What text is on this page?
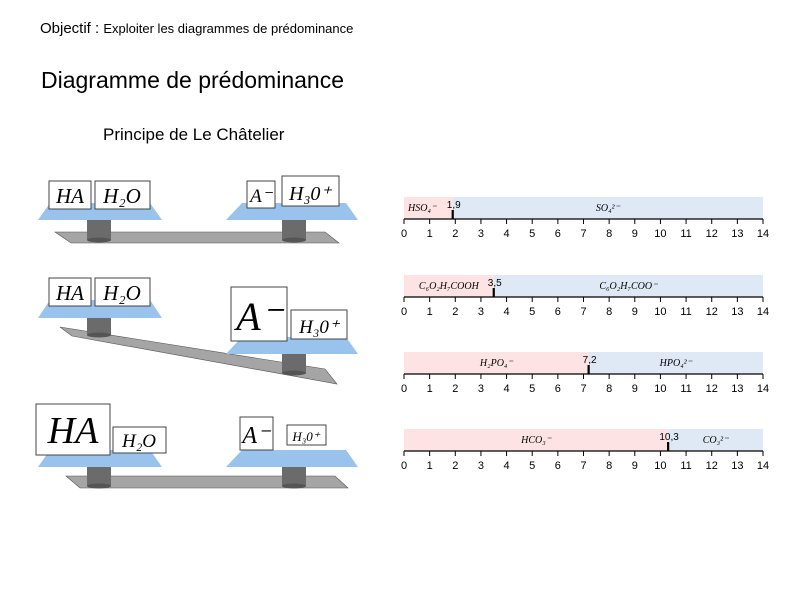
Objectif : Exploiter les diagrammes de prédominance
Diagramme de prédominance
Principe de Le Châtelier
HA H₂O	A⁻ H₃0⁺
HA H₂O
A⁻ H₃0⁺
HA H₂O	A⁻ H₃0⁺
0 1 2 3 4 5 6 7 8 9 10 11 12 13 14
1,9
HSO₄⁻	SO₄²⁻
0 1 2 3 4 5 6 7 8 9 10 11 12 13 14
3,5
C₆O₂H₇COOH	C₆O₂H₇COO⁻
0 1 2 3 4 5 6 7 8 9 10 11 12 13 14
7,2
H₂PO₄⁻	HPO₄²⁻
0 1 2 3 4 5 6 7 8 9 10 11 12 13 14
10,3
HCO₃⁻	CO₃²⁻
